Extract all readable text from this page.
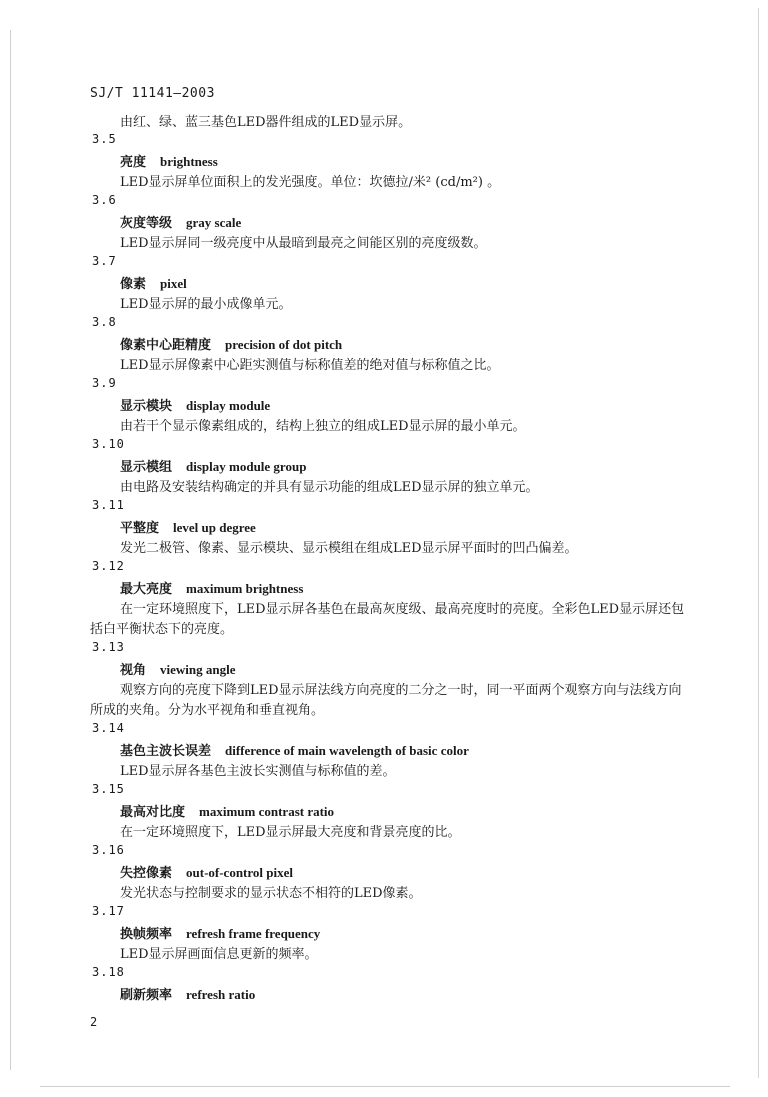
SJ/T 11141—2003
由红、绿、蓝三基色LED器件组成的LED显示屏。
3.5
亮度 brightness
LED显示屏单位面积上的发光强度。单位：坎德拉/米² (cd/m²) 。
3.6
灰度等级 gray scale
LED显示屏同一级亮度中从最暗到最亮之间能区别的亮度级数。
3.7
像素 pixel
LED显示屏的最小成像单元。
3.8
像素中心距精度 precision of dot pitch
LED显示屏像素中心距实测值与标称值差的绝对值与标称值之比。
3.9
显示模块 display module
由若干个显示像素组成的，结构上独立的组成LED显示屏的最小单元。
3.10
显示模组 display module group
由电路及安装结构确定的并具有显示功能的组成LED显示屏的独立单元。
3.11
平整度 level up degree
发光二极管、像素、显示模块、显示模组在组成LED显示屏平面时的凹凸偏差。
3.12
最大亮度 maximum brightness
在一定环境照度下，LED显示屏各基色在最高灰度级、最高亮度时的亮度。全彩色LED显示屏还包
括白平衡状态下的亮度。
3.13
视角 viewing angle
观察方向的亮度下降到LED显示屏法线方向亮度的二分之一时，同一平面两个观察方向与法线方向
所成的夹角。分为水平视角和垂直视角。
3.14
基色主波长误差 difference of main wavelength of basic color
LED显示屏各基色主波长实测值与标称值的差。
3.15
最高对比度 maximum contrast ratio
在一定环境照度下，LED显示屏最大亮度和背景亮度的比。
3.16
失控像素 out-of-control pixel
发光状态与控制要求的显示状态不相符的LED像素。
3.17
换帧频率 refresh frame frequency
LED显示屏画面信息更新的频率。
3.18
刷新频率 refresh ratio
2
